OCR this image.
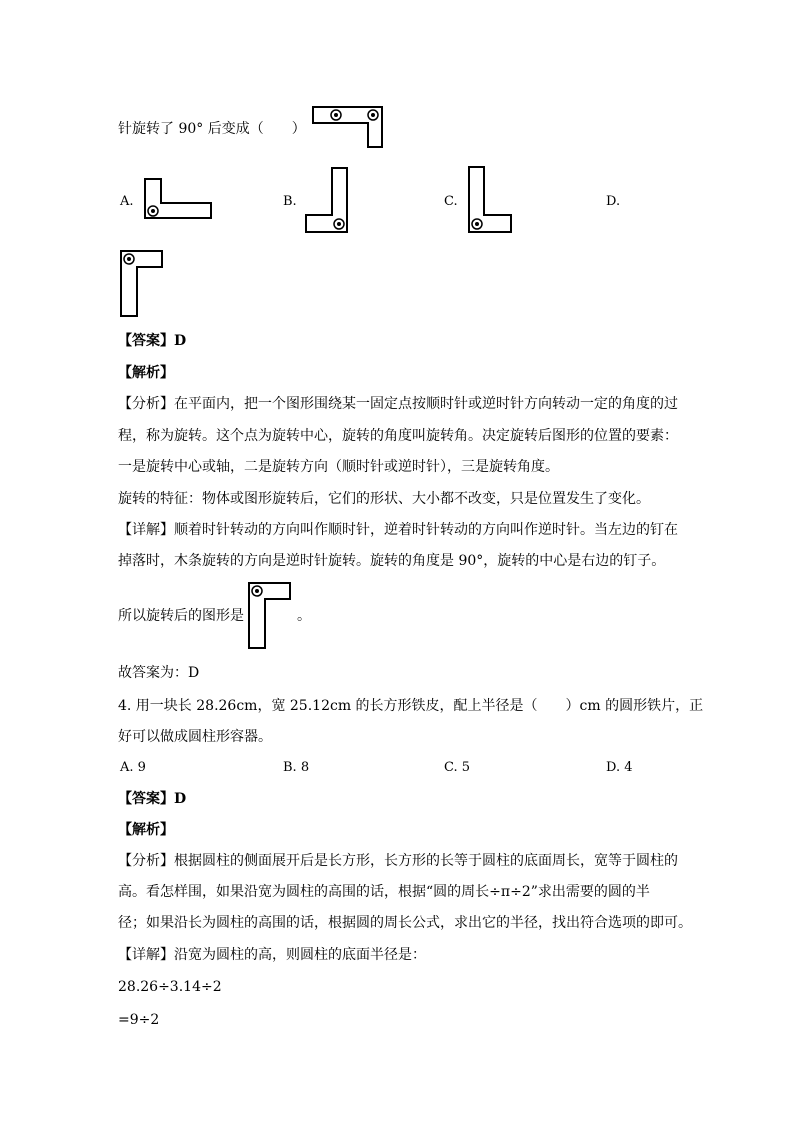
针旋转了 90° 后变成（　　）
A.	B.	C.	D.
【答案】D
【解析】
【分析】在平面内，把一个图形围绕某一固定点按顺时针或逆时针方向转动一定的角度的过
程，称为旋转。这个点为旋转中心，旋转的角度叫旋转角。决定旋转后图形的位置的要素：
一是旋转中心或轴，二是旋转方向（顺时针或逆时针），三是旋转角度。
旋转的特征：物体或图形旋转后，它们的形状、大小都不改变，只是位置发生了变化。
【详解】顺着时针转动的方向叫作顺时针，逆着时针转动的方向叫作逆时针。当左边的钉在
掉落时，木条旋转的方向是逆时针旋转。旋转的角度是 90°，旋转的中心是右边的钉子。
所以旋转后的图形是	。
故答案为：D
4. 用一块长 28.26cm，宽 25.12cm 的长方形铁皮，配上半径是（　　）cm 的圆形铁片，正
好可以做成圆柱形容器。
A. 9	B. 8	C. 5	D. 4
【答案】D
【解析】
【分析】根据圆柱的侧面展开后是长方形，长方形的长等于圆柱的底面周长，宽等于圆柱的
高。看怎样围，如果沿宽为圆柱的高围的话，根据“圆的周长÷π÷2”求出需要的圆的半
径；如果沿长为圆柱的高围的话，根据圆的周长公式，求出它的半径，找出符合选项的即可。
【详解】沿宽为圆柱的高，则圆柱的底面半径是：
28.26÷3.14÷2
=9÷2
